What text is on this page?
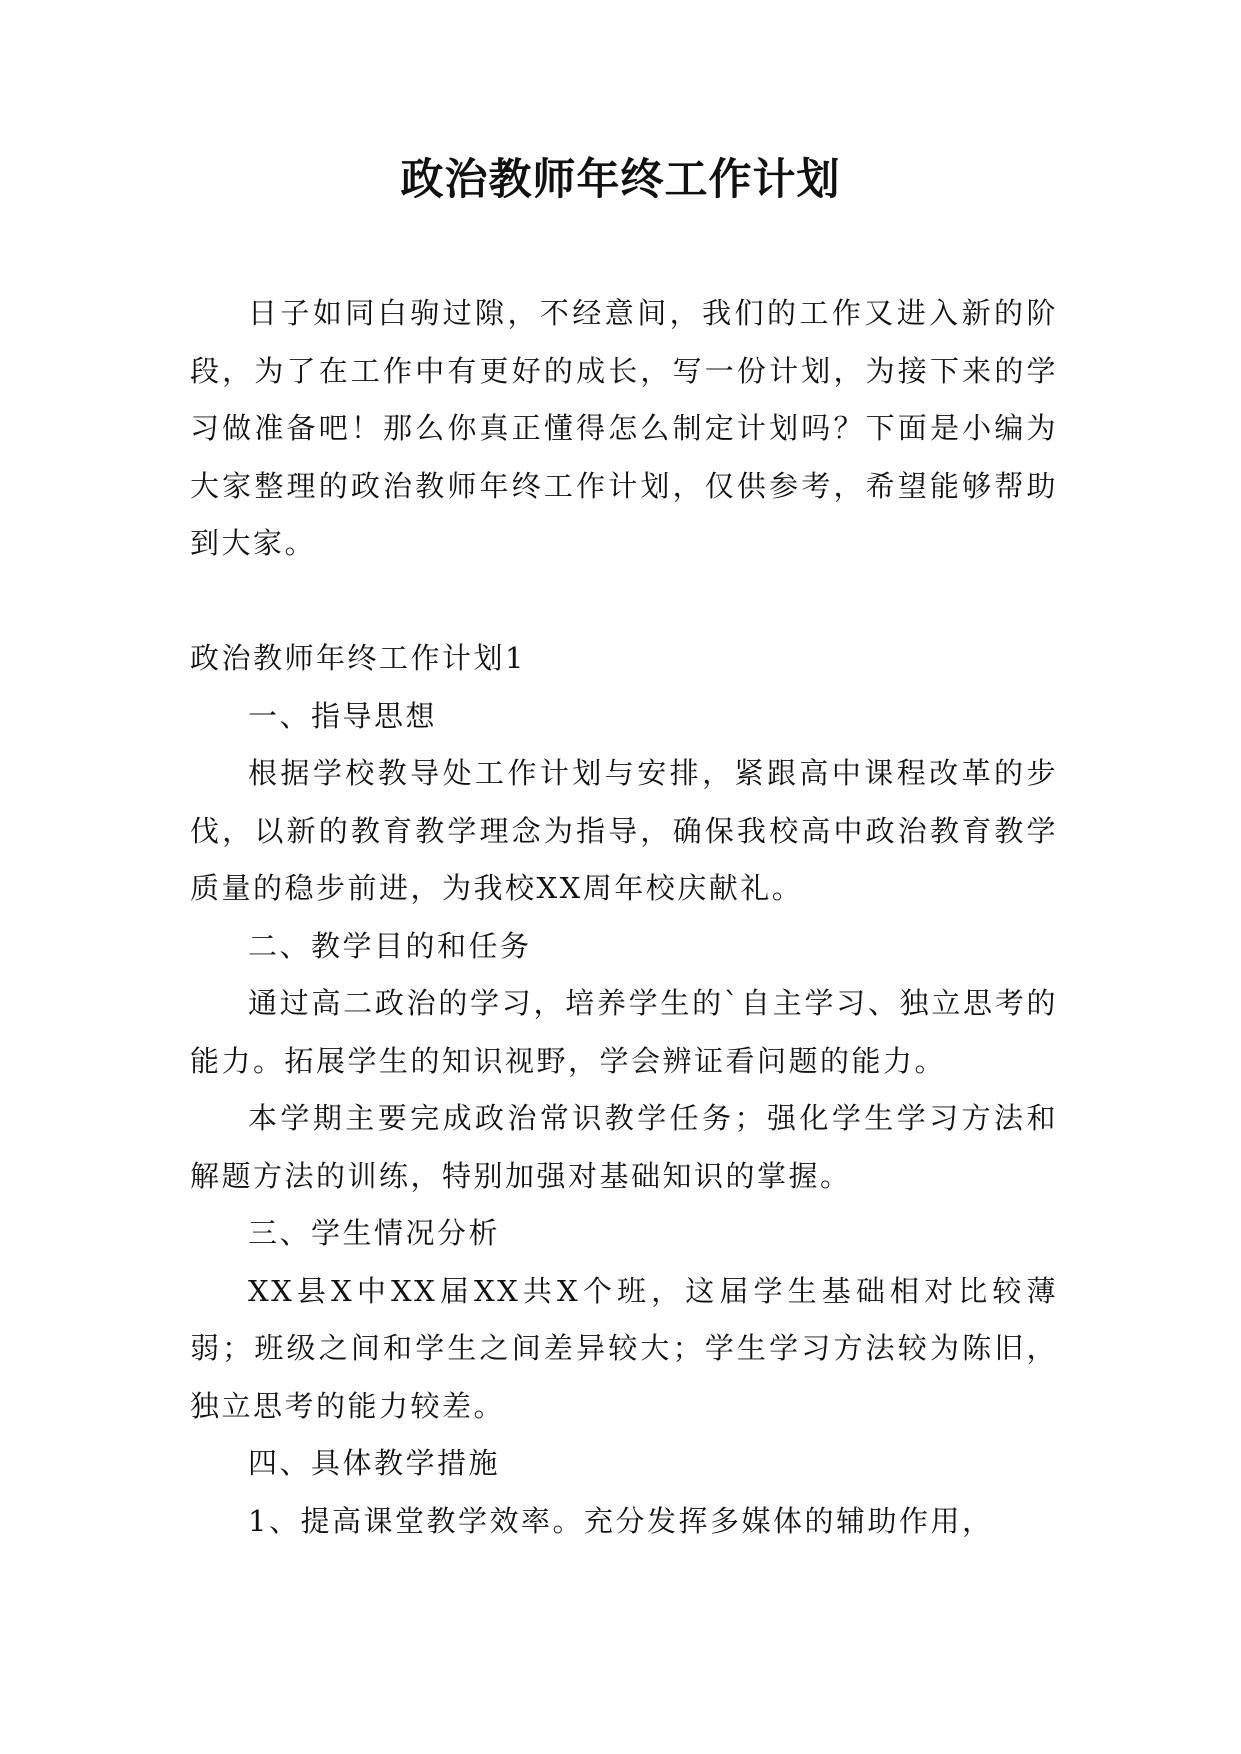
政治教师年终工作计划

日子如同白驹过隙，不经意间，我们的工作又进入新的阶段，为了在工作中有更好的成长，写一份计划，为接下来的学习做准备吧！那么你真正懂得怎么制定计划吗？下面是小编为大家整理的政治教师年终工作计划，仅供参考，希望能够帮助到大家。

政治教师年终工作计划1

一、指导思想

根据学校教导处工作计划与安排，紧跟高中课程改革的步伐，以新的教育教学理念为指导，确保我校高中政治教育教学质量的稳步前进，为我校XX周年校庆献礼。

二、教学目的和任务

通过高二政治的学习，培养学生的`自主学习、独立思考的能力。拓展学生的知识视野，学会辨证看问题的能力。

本学期主要完成政治常识教学任务；强化学生学习方法和解题方法的训练，特别加强对基础知识的掌握。

三、学生情况分析

XX县X中XX届XX共X个班，这届学生基础相对比较薄弱；班级之间和学生之间差异较大；学生学习方法较为陈旧，独立思考的能力较差。

四、具体教学措施

1、提高课堂教学效率。充分发挥多媒体的辅助作用，
